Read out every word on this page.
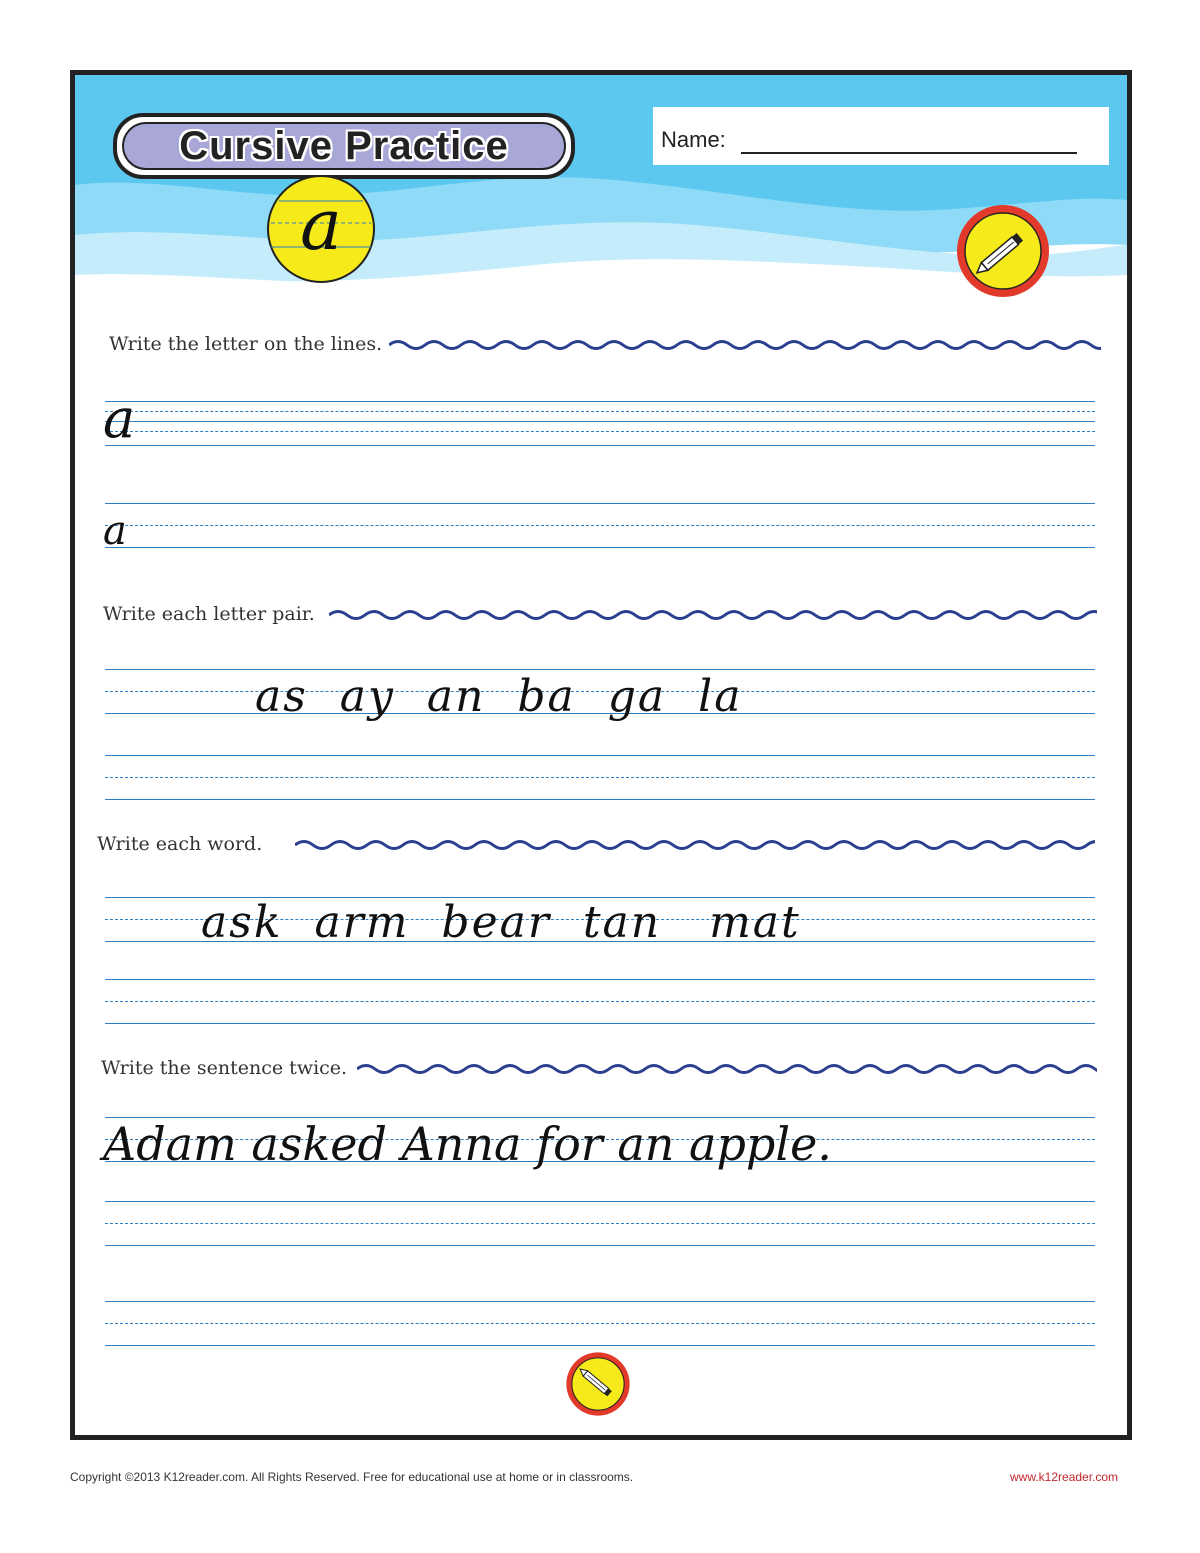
Cursive Practice	Name:
a
Write the letter on the lines.
a
a
Write each letter pair.
as  ay  an  ba  ga  la
Write each word.
ask  arm  bear  tan   mat
Write the sentence twice.
Adam asked Anna for an apple.
Copyright ©2013 K12reader.com. All Rights Reserved. Free for educational use at home or in classrooms.	www.k12reader.com
